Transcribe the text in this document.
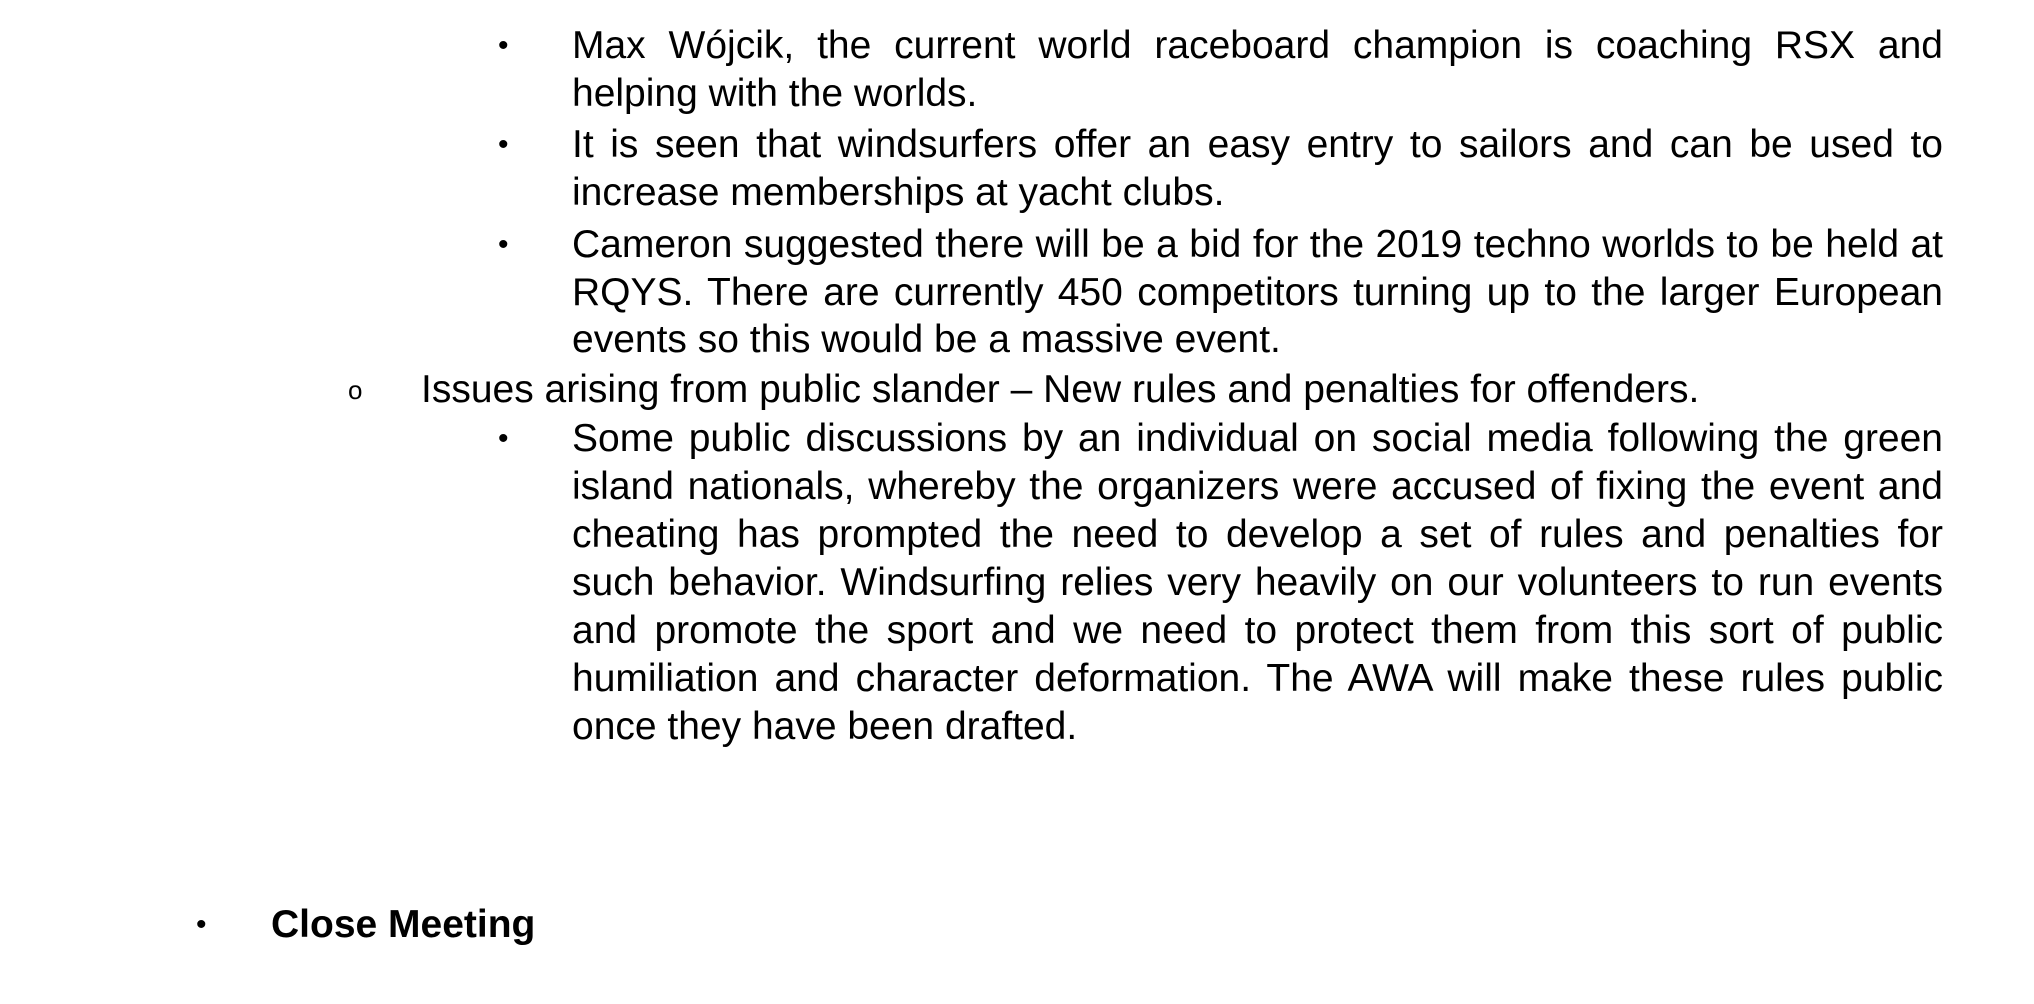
• Max Wójcik, the current world raceboard champion is coaching RSX and helping with the worlds.
• It is seen that windsurfers offer an easy entry to sailors and can be used to increase memberships at yacht clubs.
• Cameron suggested there will be a bid for the 2019 techno worlds to be held at RQYS. There are currently 450 competitors turning up to the larger European events so this would be a massive event.
o Issues arising from public slander – New rules and penalties for offenders.
• Some public discussions by an individual on social media following the green island nationals, whereby the organizers were accused of fixing the event and cheating has prompted the need to develop a set of rules and penalties for such behavior. Windsurfing relies very heavily on our volunteers to run events and promote the sport and we need to protect them from this sort of public humiliation and character deformation. The AWA will make these rules public once they have been drafted.
• Close Meeting
